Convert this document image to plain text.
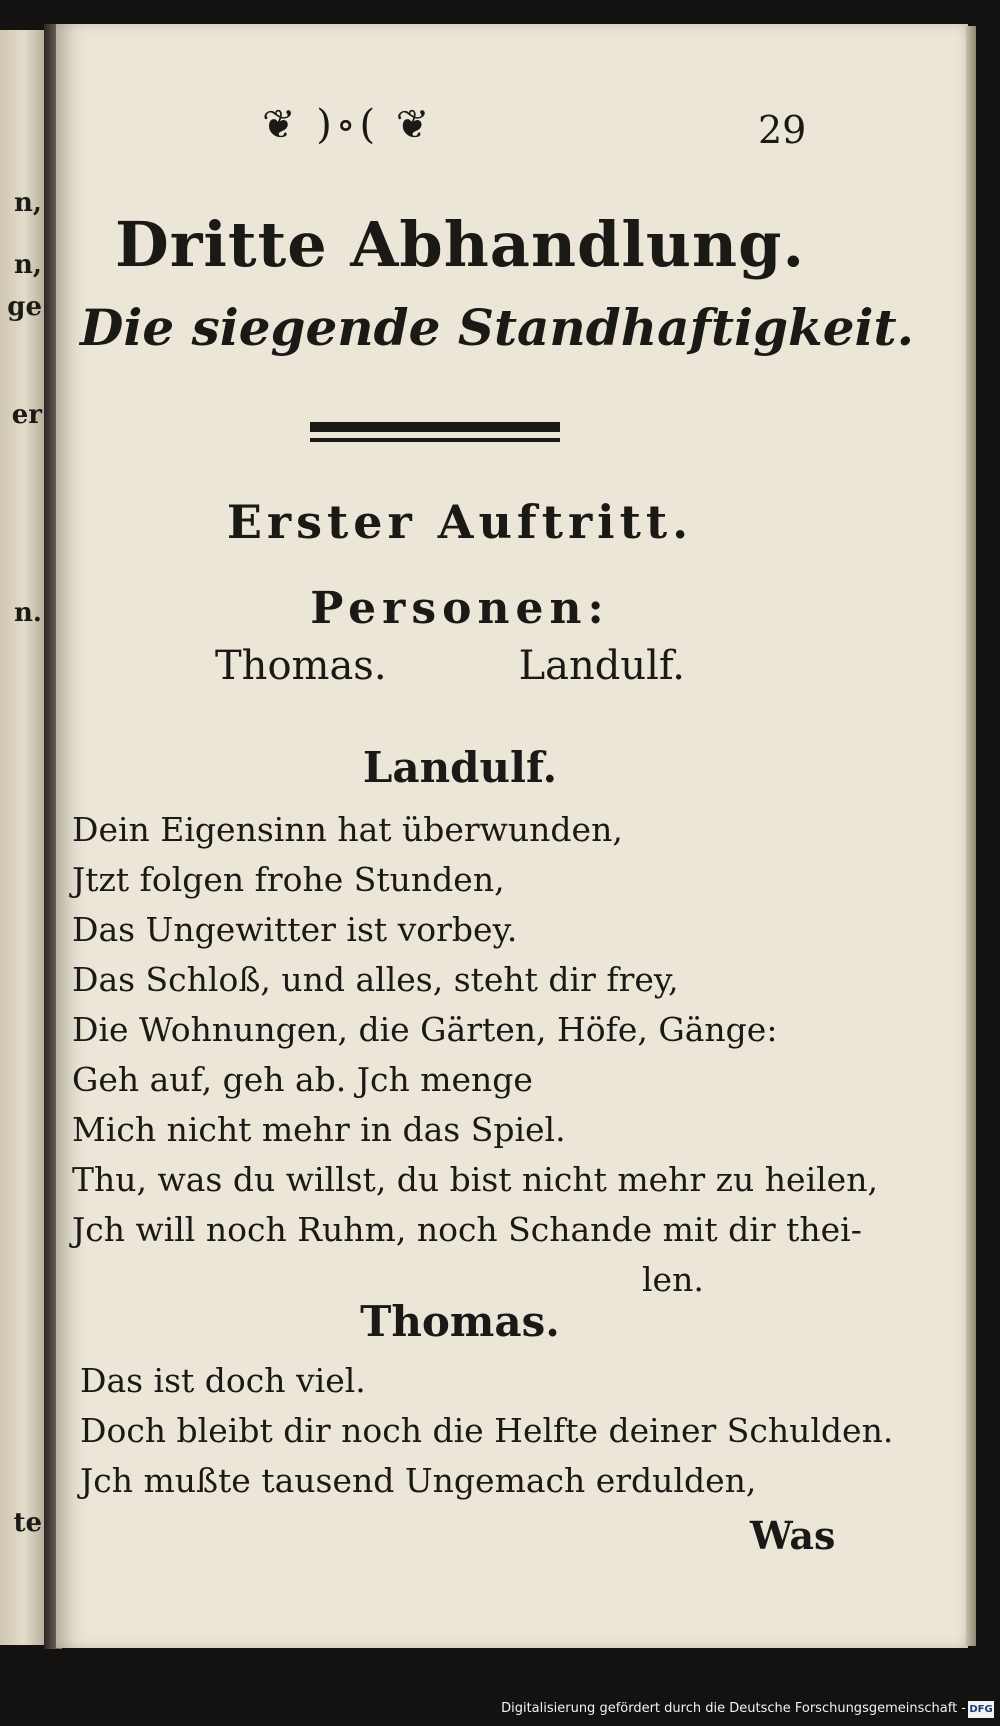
n,
n,
ge
er
n.
te
❦ )∘( ❦	29
Dritte Abhandlung.
Die siegende Standhaftigkeit.
Erster Auftritt.
Personen:
Thomas.	Landulf.
Landulf.
Dein Eigensinn hat überwunden,
Jtzt folgen frohe Stunden,
Das Ungewitter ist vorbey.
Das Schloß, und alles, steht dir frey,
Die Wohnungen, die Gärten, Höfe, Gänge:
Geh auf, geh ab. Jch menge
Mich nicht mehr in das Spiel.
Thu, was du willst, du bist nicht mehr zu heilen,
Jch will noch Ruhm, noch Schande mit dir thei-
len.
Thomas.
Das ist doch viel.
Doch bleibt dir noch die Helfte deiner Schulden.
Jch mußte tausend Ungemach erdulden,
Was
Digitalisierung gefördert durch die Deutsche Forschungsgemeinschaft - DFG
